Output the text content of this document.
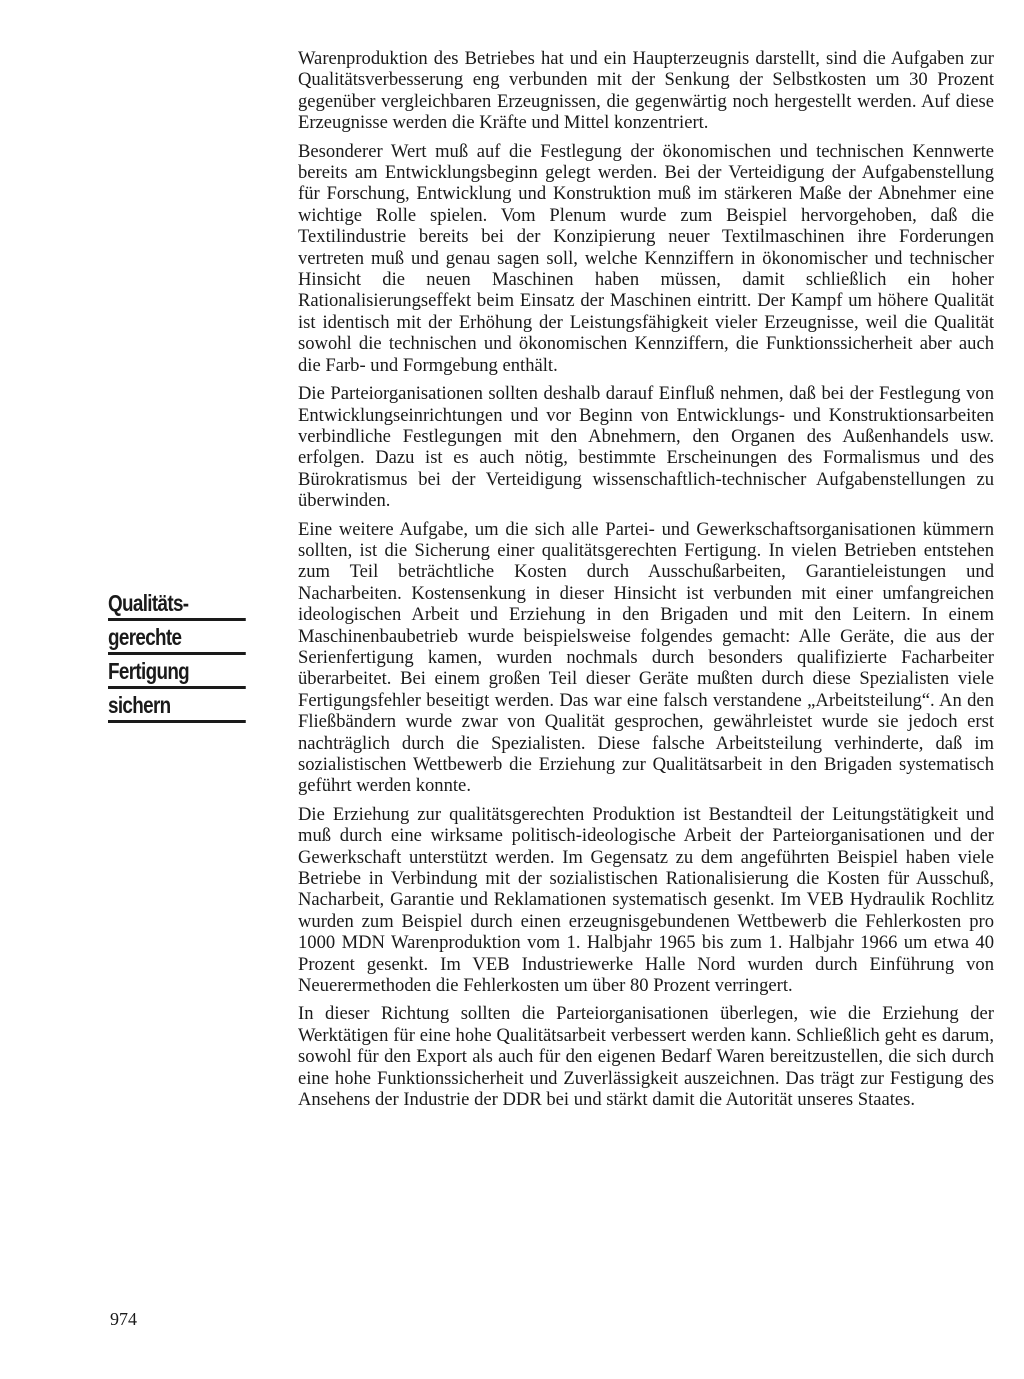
Warenproduktion des Betriebes hat und ein Haupterzeugnis darstellt, sind die Aufgaben zur Qualitätsverbesserung eng verbunden mit der Senkung der Selbstkosten um 30 Prozent gegenüber vergleichbaren Erzeugnissen, die gegenwärtig noch hergestellt werden. Auf diese Erzeugnisse werden die Kräfte und Mittel konzentriert.

Besonderer Wert muß auf die Festlegung der ökonomischen und technischen Kennwerte bereits am Entwicklungsbeginn gelegt werden. Bei der Verteidigung der Aufgabenstellung für Forschung, Entwicklung und Konstruktion muß im stärkeren Maße der Abnehmer eine wichtige Rolle spielen. Vom Plenum wurde zum Beispiel hervorgehoben, daß die Textilindustrie bereits bei der Konzipierung neuer Textilmaschinen ihre Forderungen vertreten muß und genau sagen soll, welche Kennziffern in ökonomischer und technischer Hinsicht die neuen Maschinen haben müssen, damit schließlich ein hoher Rationalisierungseffekt beim Einsatz der Maschinen eintritt. Der Kampf um höhere Qualität ist identisch mit der Erhöhung der Leistungsfähigkeit vieler Erzeugnisse, weil die Qualität sowohl die technischen und ökonomischen Kennziffern, die Funktionssicherheit aber auch die Farb- und Formgebung enthält.

Die Parteiorganisationen sollten deshalb darauf Einfluß nehmen, daß bei der Festlegung von Entwicklungseinrichtungen und vor Beginn von Entwicklungs- und Konstruktionsarbeiten verbindliche Festlegungen mit den Abnehmern, den Organen des Außenhandels usw. erfolgen. Dazu ist es auch nötig, bestimmte Erscheinungen des Formalismus und des Bürokratismus bei der Verteidigung wissenschaftlich-technischer Aufgabenstellungen zu überwinden.

Eine weitere Aufgabe, um die sich alle Partei- und Gewerkschaftsorganisationen kümmern sollten, ist die Sicherung einer qualitätsgerechten Fertigung. In vielen Betrieben entstehen zum Teil beträchtliche Kosten durch Ausschußarbeiten, Garantieleistungen und Nacharbeiten. Kostensenkung in dieser Hinsicht ist verbunden mit einer umfangreichen ideologischen Arbeit und Erziehung in den Brigaden und mit den Leitern. In einem Maschinenbaubetrieb wurde beispielsweise folgendes gemacht: Alle Geräte, die aus der Serienfertigung kamen, wurden nochmals durch besonders qualifizierte Facharbeiter überarbeitet. Bei einem großen Teil dieser Geräte mußten durch diese Spezialisten viele Fertigungsfehler beseitigt werden. Das war eine falsch verstandene „Arbeitsteilung“. An den Fließbändern wurde zwar von Qualität gesprochen, gewährleistet wurde sie jedoch erst nachträglich durch die Spezialisten. Diese falsche Arbeitsteilung verhinderte, daß im sozialistischen Wettbewerb die Erziehung zur Qualitätsarbeit in den Brigaden systematisch geführt werden konnte.

Die Erziehung zur qualitätsgerechten Produktion ist Bestandteil der Leitungstätigkeit und muß durch eine wirksame politisch-ideologische Arbeit der Parteiorganisationen und der Gewerkschaft unterstützt werden. Im Gegensatz zu dem angeführten Beispiel haben viele Betriebe in Verbindung mit der sozialistischen Rationalisierung die Kosten für Ausschuß, Nacharbeit, Garantie und Reklamationen systematisch gesenkt. Im VEB Hydraulik Rochlitz wurden zum Beispiel durch einen erzeugnisgebundenen Wettbewerb die Fehlerkosten pro 1000 MDN Warenproduktion vom 1. Halbjahr 1965 bis zum 1. Halbjahr 1966 um etwa 40 Prozent gesenkt. Im VEB Industriewerke Halle Nord wurden durch Einführung von Neuerermethoden die Fehlerkosten um über 80 Prozent verringert.

In dieser Richtung sollten die Parteiorganisationen überlegen, wie die Erziehung der Werktätigen für eine hohe Qualitätsarbeit verbessert werden kann. Schließlich geht es darum, sowohl für den Export als auch für den eigenen Bedarf Waren bereitzustellen, die sich durch eine hohe Funktionssicherheit und Zuverlässigkeit auszeichnen. Das trägt zur Festigung des Ansehens der Industrie der DDR bei und stärkt damit die Autorität unseres Staates.

Qualitäts-
gerechte
Fertigung
sichern
974
